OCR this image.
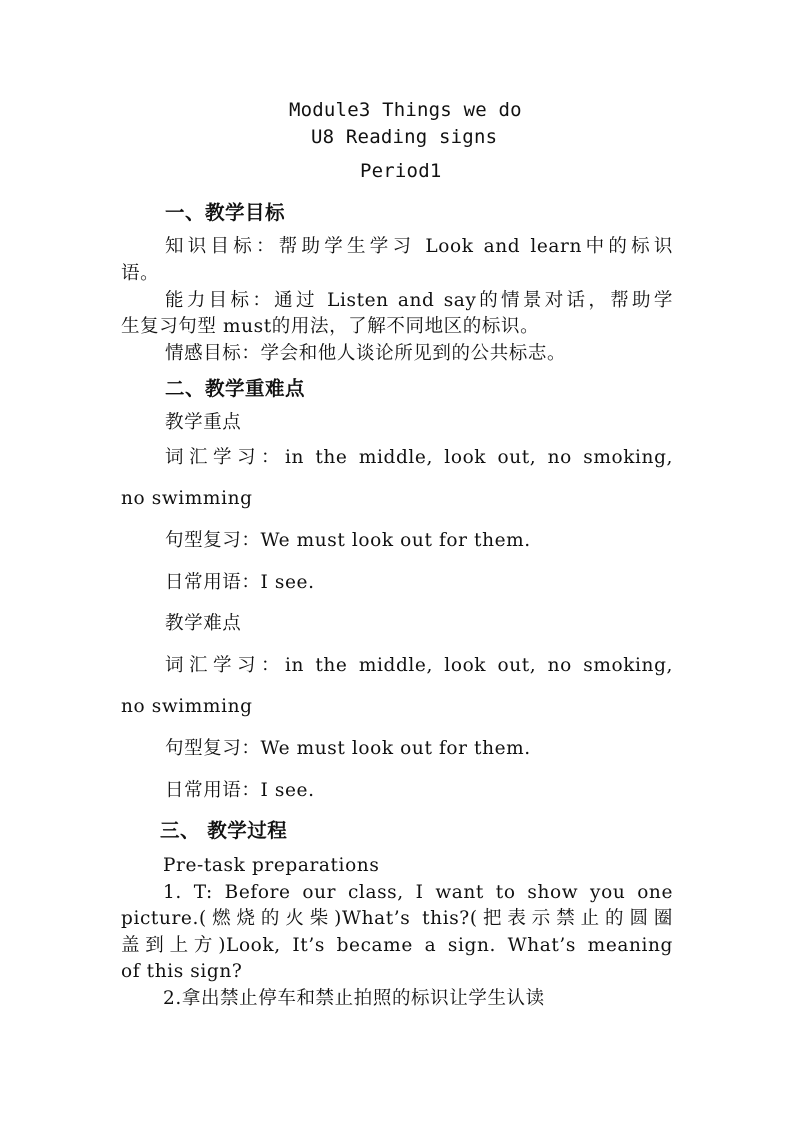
Module3 Things we do
U8 Reading signs
Period1
一、教学目标
知识目标：帮助学生学习 Look and learn中的标识
语。
能力目标：通过 Listen and say的情景对话，帮助学
生复习句型 must的用法，了解不同地区的标识。
情感目标：学会和他人谈论所见到的公共标志。
二、教学重难点
教学重点
词汇学习：in the middle, look out, no smoking,
no swimming
句型复习：We must look out for them.
日常用语：I see.
教学难点
词汇学习：in the middle, look out, no smoking,
no swimming
句型复习：We must look out for them.
日常用语：I see.
三、 教学过程
Pre-task preparations
1. T: Before our class, I want to show you one
picture.(燃烧的火柴)What’s this?(把表示禁止的圆圈
盖到上方)Look, It’s became a sign. What’s meaning
of this sign?
2.拿出禁止停车和禁止拍照的标识让学生认读
